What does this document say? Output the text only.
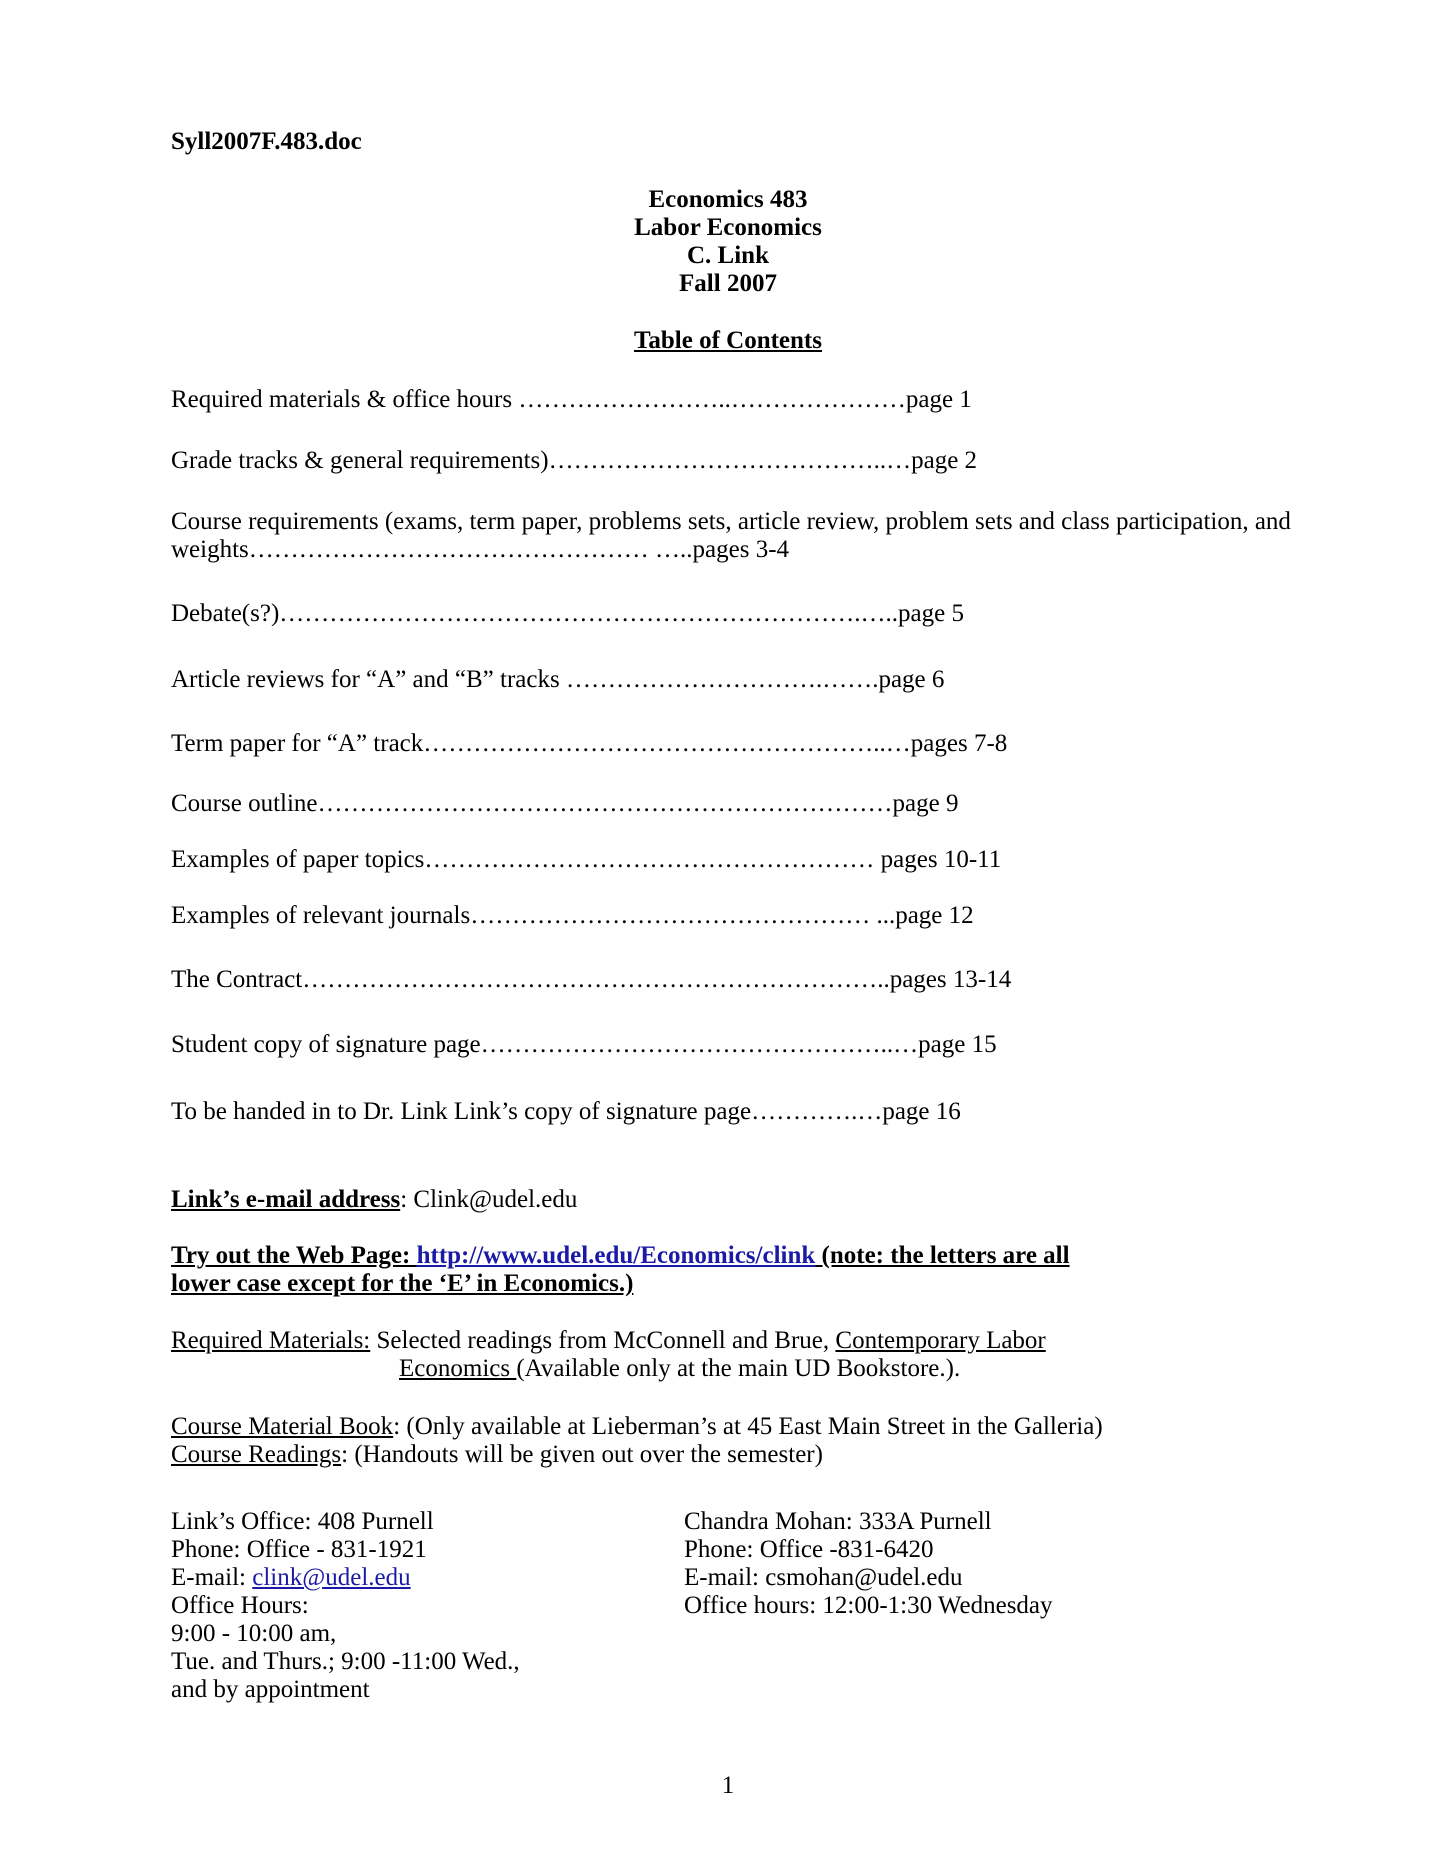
Syll2007F.483.doc
Economics 483
Labor Economics
C. Link
Fall 2007
Table of Contents
Required materials & office hours ……………………..…………………page 1
Grade tracks & general requirements)…………………………………..…page 2
Course requirements (exams, term paper, problems sets, article review, problem sets and class participation, and weights………………………………………… …..pages 3-4
Debate(s?)…………………………………………………………….…..page 5
Article reviews for “A” and “B” tracks ………………………….…….page 6
Term paper for “A” track………………………………………………..…pages 7-8
Course outline……………………………………………………………page 9
Examples of paper topics……………………………………………… pages 10-11
Examples of relevant journals………………………………………… ...page 12
The Contract……………………………………………………………..pages 13-14
Student copy of signature page…………………………………………..…page 15
To be handed in to Dr. Link Link’s copy of signature page………….…page 16
Link’s e-mail address: Clink@udel.edu
Try out the Web Page: http://www.udel.edu/Economics/clink (note: the letters are all
lower case except for the ‘E’ in Economics.)
Required Materials: Selected readings from McConnell and Brue, Contemporary Labor
Economics (Available only at the main UD Bookstore.).
Course Material Book: (Only available at Lieberman’s at 45 East Main Street in the Galleria)
Course Readings: (Handouts will be given out over the semester)
Link’s Office: 408 Purnell
Phone: Office - 831-1921
E-mail: clink@udel.edu
Office Hours:
9:00 - 10:00 am,
Tue. and Thurs.; 9:00 -11:00 Wed.,
and by appointment
Chandra Mohan: 333A Purnell
Phone: Office -831-6420
E-mail: csmohan@udel.edu
Office hours: 12:00-1:30 Wednesday
1
